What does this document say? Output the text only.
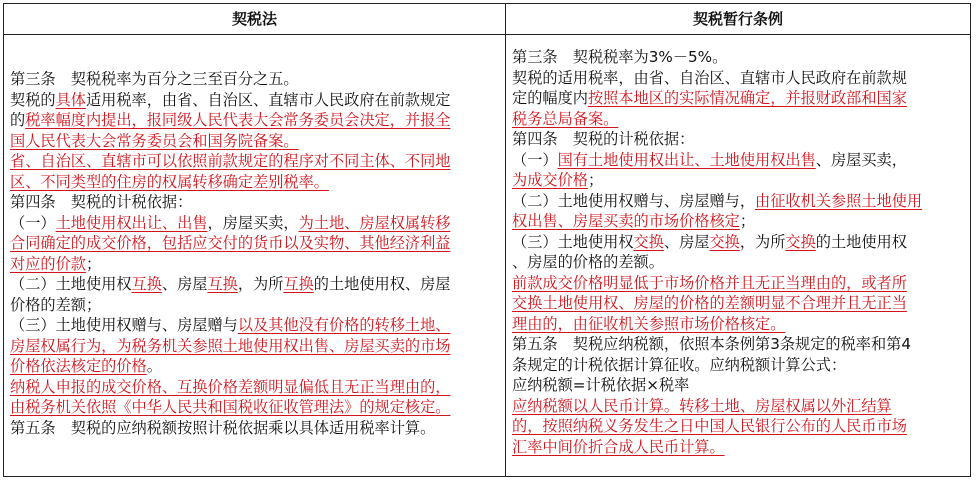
契税法
第三条　契税税率为百分之三至百分之五。
契税的具体适用税率，由省、自治区、直辖市人民政府在前款规定
的税率幅度内提出，报同级人民代表大会常务委员会决定，并报全
国人民代表大会常务委员会和国务院备案。
省、自治区、直辖市可以依照前款规定的程序对不同主体、不同地
区、不同类型的住房的权属转移确定差别税率。
第四条　契税的计税依据：
（一）土地使用权出让、出售，房屋买卖，为土地、房屋权属转移
合同确定的成交价格，包括应交付的货币以及实物、其他经济利益
对应的价款；
（二）土地使用权互换、房屋互换，为所互换的土地使用权、房屋
价格的差额；
（三）土地使用权赠与、房屋赠与以及其他没有价格的转移土地、
房屋权属行为，为税务机关参照土地使用权出售、房屋买卖的市场
价格依法核定的价格。
纳税人申报的成交价格、互换价格差额明显偏低且无正当理由的，
由税务机关依照《中华人民共和国税收征收管理法》的规定核定。
第五条　契税的应纳税额按照计税依据乘以具体适用税率计算。
契税暂行条例
第三条　契税税率为3%－5%。
契税的适用税率，由省、自治区、直辖市人民政府在前款规
定的幅度内按照本地区的实际情况确定，并报财政部和国家
税务总局备案。
第四条　契税的计税依据：
（一）国有土地使用权出让、土地使用权出售、房屋买卖，
为成交价格；
（二）土地使用权赠与、房屋赠与，由征收机关参照土地使用
权出售、房屋买卖的市场价格核定；
（三）土地使用权交换、房屋交换，为所交换的土地使用权
、房屋的价格的差额。
前款成交价格明显低于市场价格并且无正当理由的，或者所
交换土地使用权、房屋的价格的差额明显不合理并且无正当
理由的，由征收机关参照市场价格核定。
第五条　契税应纳税额，依照本条例第3条规定的税率和第4
条规定的计税依据计算征收。应纳税额计算公式：
应纳税额=计税依据×税率
应纳税额以人民币计算。转移土地、房屋权属以外汇结算
的，按照纳税义务发生之日中国人民银行公布的人民币市场
汇率中间价折合成人民币计算。
